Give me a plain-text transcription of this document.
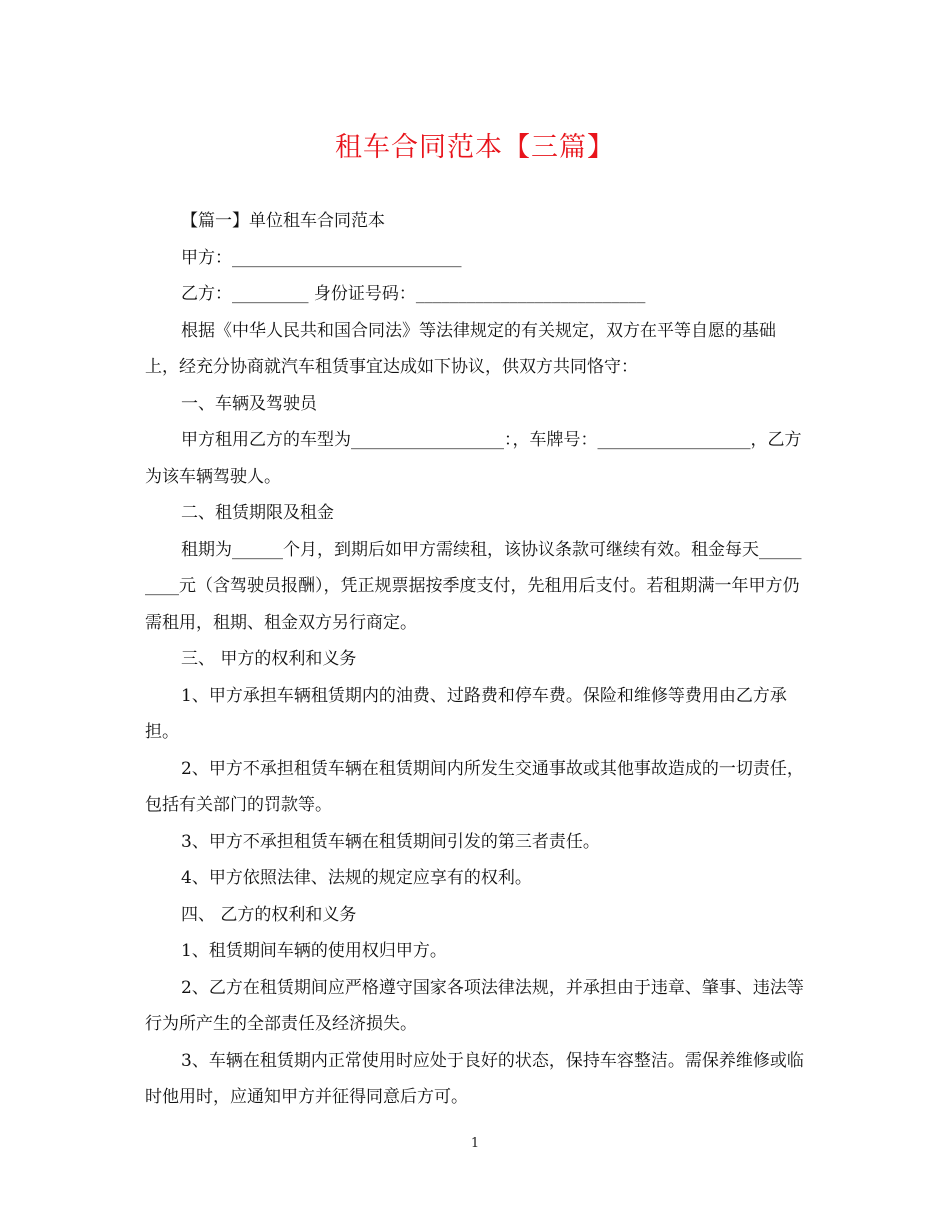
租车合同范本【三篇】

【篇一】单位租车合同范本

甲方：___________________________

乙方：_________ 身份证号码：___________________________

根据《中华人民共和国合同法》等法律规定的有关规定，双方在平等自愿的基础上，经充分协商就汽车租赁事宜达成如下协议，供双方共同恪守：

一、车辆及驾驶员

甲方租用乙方的车型为__________________：，车牌号：__________________，乙方为该车辆驾驶人。

二、租赁期限及租金

租期为______个月，到期后如甲方需续租，该协议条款可继续有效。租金每天_________元（含驾驶员报酬），凭正规票据按季度支付，先租用后支付。若租期满一年甲方仍需租用，租期、租金双方另行商定。

三、 甲方的权利和义务

1、甲方承担车辆租赁期内的油费、过路费和停车费。保险和维修等费用由乙方承担。

2、甲方不承担租赁车辆在租赁期间内所发生交通事故或其他事故造成的一切责任，包括有关部门的罚款等。

3、甲方不承担租赁车辆在租赁期间引发的第三者责任。

4、甲方依照法律、法规的规定应享有的权利。

四、 乙方的权利和义务

1、租赁期间车辆的使用权归甲方。

2、乙方在租赁期间应严格遵守国家各项法律法规，并承担由于违章、肇事、违法等行为所产生的全部责任及经济损失。

3、车辆在租赁期内正常使用时应处于良好的状态，保持车容整洁。需保养维修或临时他用时，应通知甲方并征得同意后方可。

1
